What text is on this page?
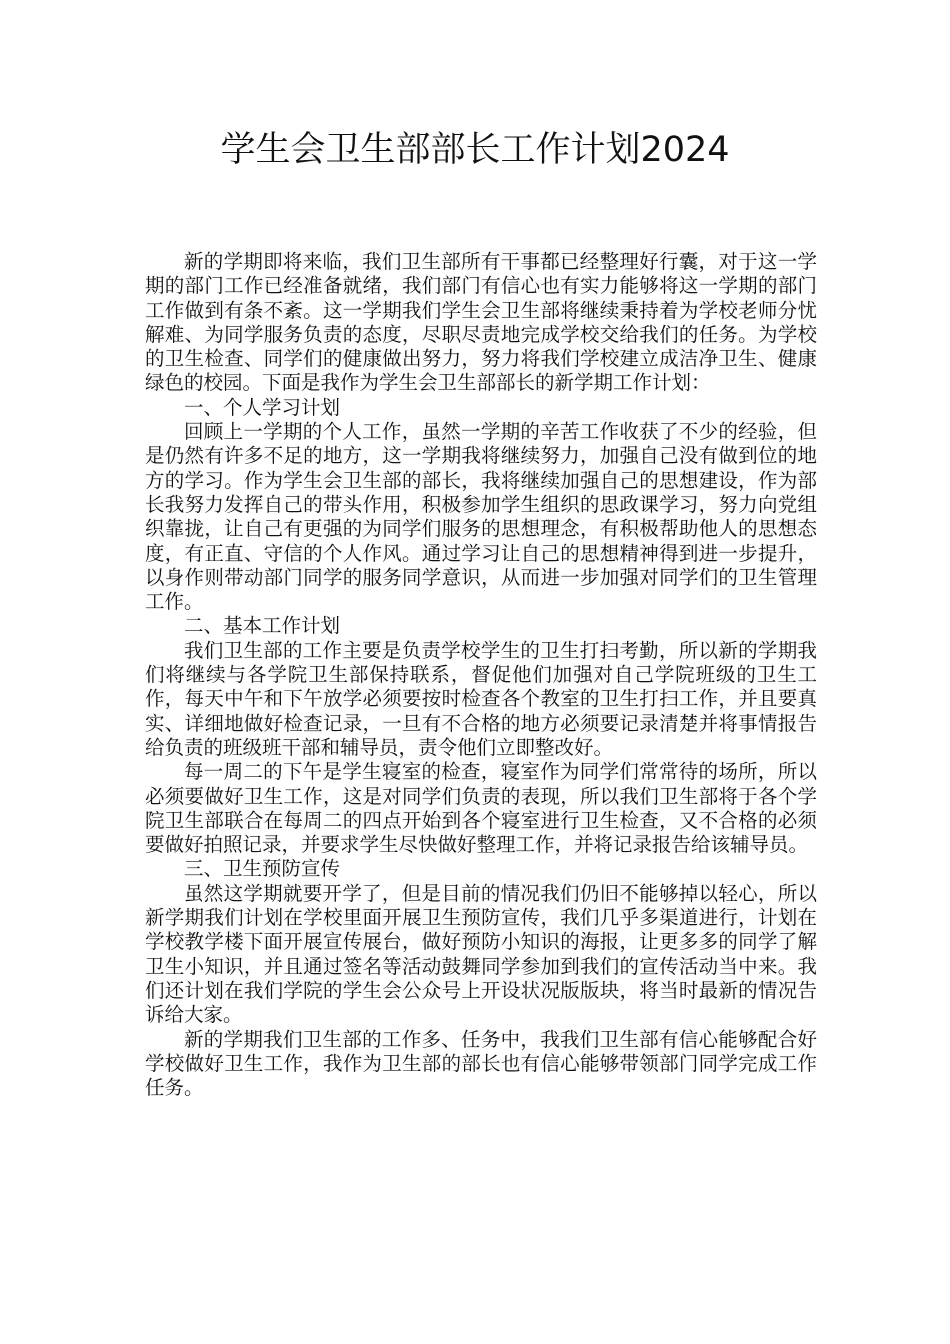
学生会卫生部部长工作计划2024

新的学期即将来临，我们卫生部所有干事都已经整理好行囊，对于这一学期的部门工作已经准备就绪，我们部门有信心也有实力能够将这一学期的部门工作做到有条不紊。这一学期我们学生会卫生部将继续秉持着为学校老师分忧解难、为同学服务负责的态度，尽职尽责地完成学校交给我们的任务。为学校的卫生检查、同学们的健康做出努力，努力将我们学校建立成洁净卫生、健康绿色的校园。下面是我作为学生会卫生部部长的新学期工作计划：

一、个人学习计划

回顾上一学期的个人工作，虽然一学期的辛苦工作收获了不少的经验，但是仍然有许多不足的地方，这一学期我将继续努力，加强自己没有做到位的地方的学习。作为学生会卫生部的部长，我将继续加强自己的思想建设，作为部长我努力发挥自己的带头作用，积极参加学生组织的思政课学习，努力向党组织靠拢，让自己有更强的为同学们服务的思想理念，有积极帮助他人的思想态度，有正直、守信的个人作风。通过学习让自己的思想精神得到进一步提升，以身作则带动部门同学的服务同学意识，从而进一步加强对同学们的卫生管理工作。

二、基本工作计划

我们卫生部的工作主要是负责学校学生的卫生打扫考勤，所以新的学期我们将继续与各学院卫生部保持联系，督促他们加强对自己学院班级的卫生工作，每天中午和下午放学必须要按时检查各个教室的卫生打扫工作，并且要真实、详细地做好检查记录，一旦有不合格的地方必须要记录清楚并将事情报告给负责的班级班干部和辅导员，责令他们立即整改好。

每一周二的下午是学生寝室的检查，寝室作为同学们常常待的场所，所以必须要做好卫生工作，这是对同学们负责的表现，所以我们卫生部将于各个学院卫生部联合在每周二的四点开始到各个寝室进行卫生检查，又不合格的必须要做好拍照记录，并要求学生尽快做好整理工作，并将记录报告给该辅导员。

三、卫生预防宣传

虽然这学期就要开学了，但是目前的情况我们仍旧不能够掉以轻心，所以新学期我们计划在学校里面开展卫生预防宣传，我们几乎多渠道进行，计划在学校教学楼下面开展宣传展台，做好预防小知识的海报，让更多多的同学了解卫生小知识，并且通过签名等活动鼓舞同学参加到我们的宣传活动当中来。我们还计划在我们学院的学生会公众号上开设状况版版块，将当时最新的情况告诉给大家。

新的学期我们卫生部的工作多、任务中，我我们卫生部有信心能够配合好学校做好卫生工作，我作为卫生部的部长也有信心能够带领部门同学完成工作任务。
